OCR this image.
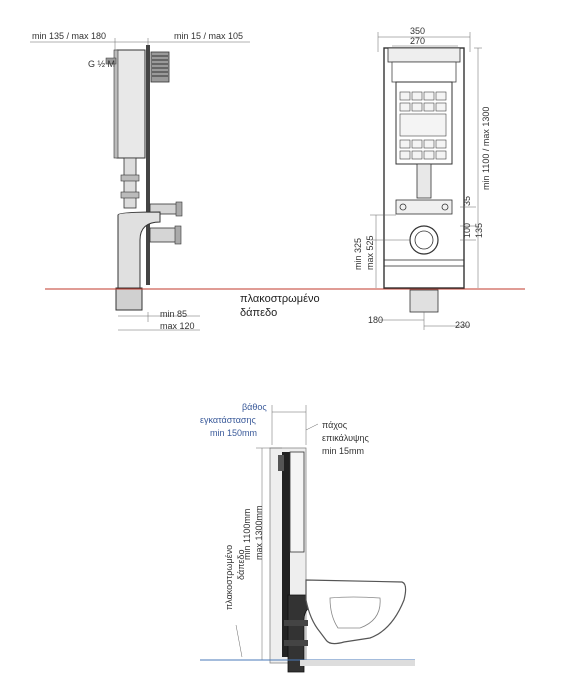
min 135 / max 180	min 15 / max 105
G ½ M
min 85
max 120
πλακοστρωμένο
δάπεδο
350
270
min 1100 / max 1300
35
100 135
min 325 max 525
180	230
βάθος
εγκατάστασης
min 150mm
πάχος
επικάλυψης
min 15mm
min 1100mm max 1300mm
πλακοστρωμένο δάπεδο
